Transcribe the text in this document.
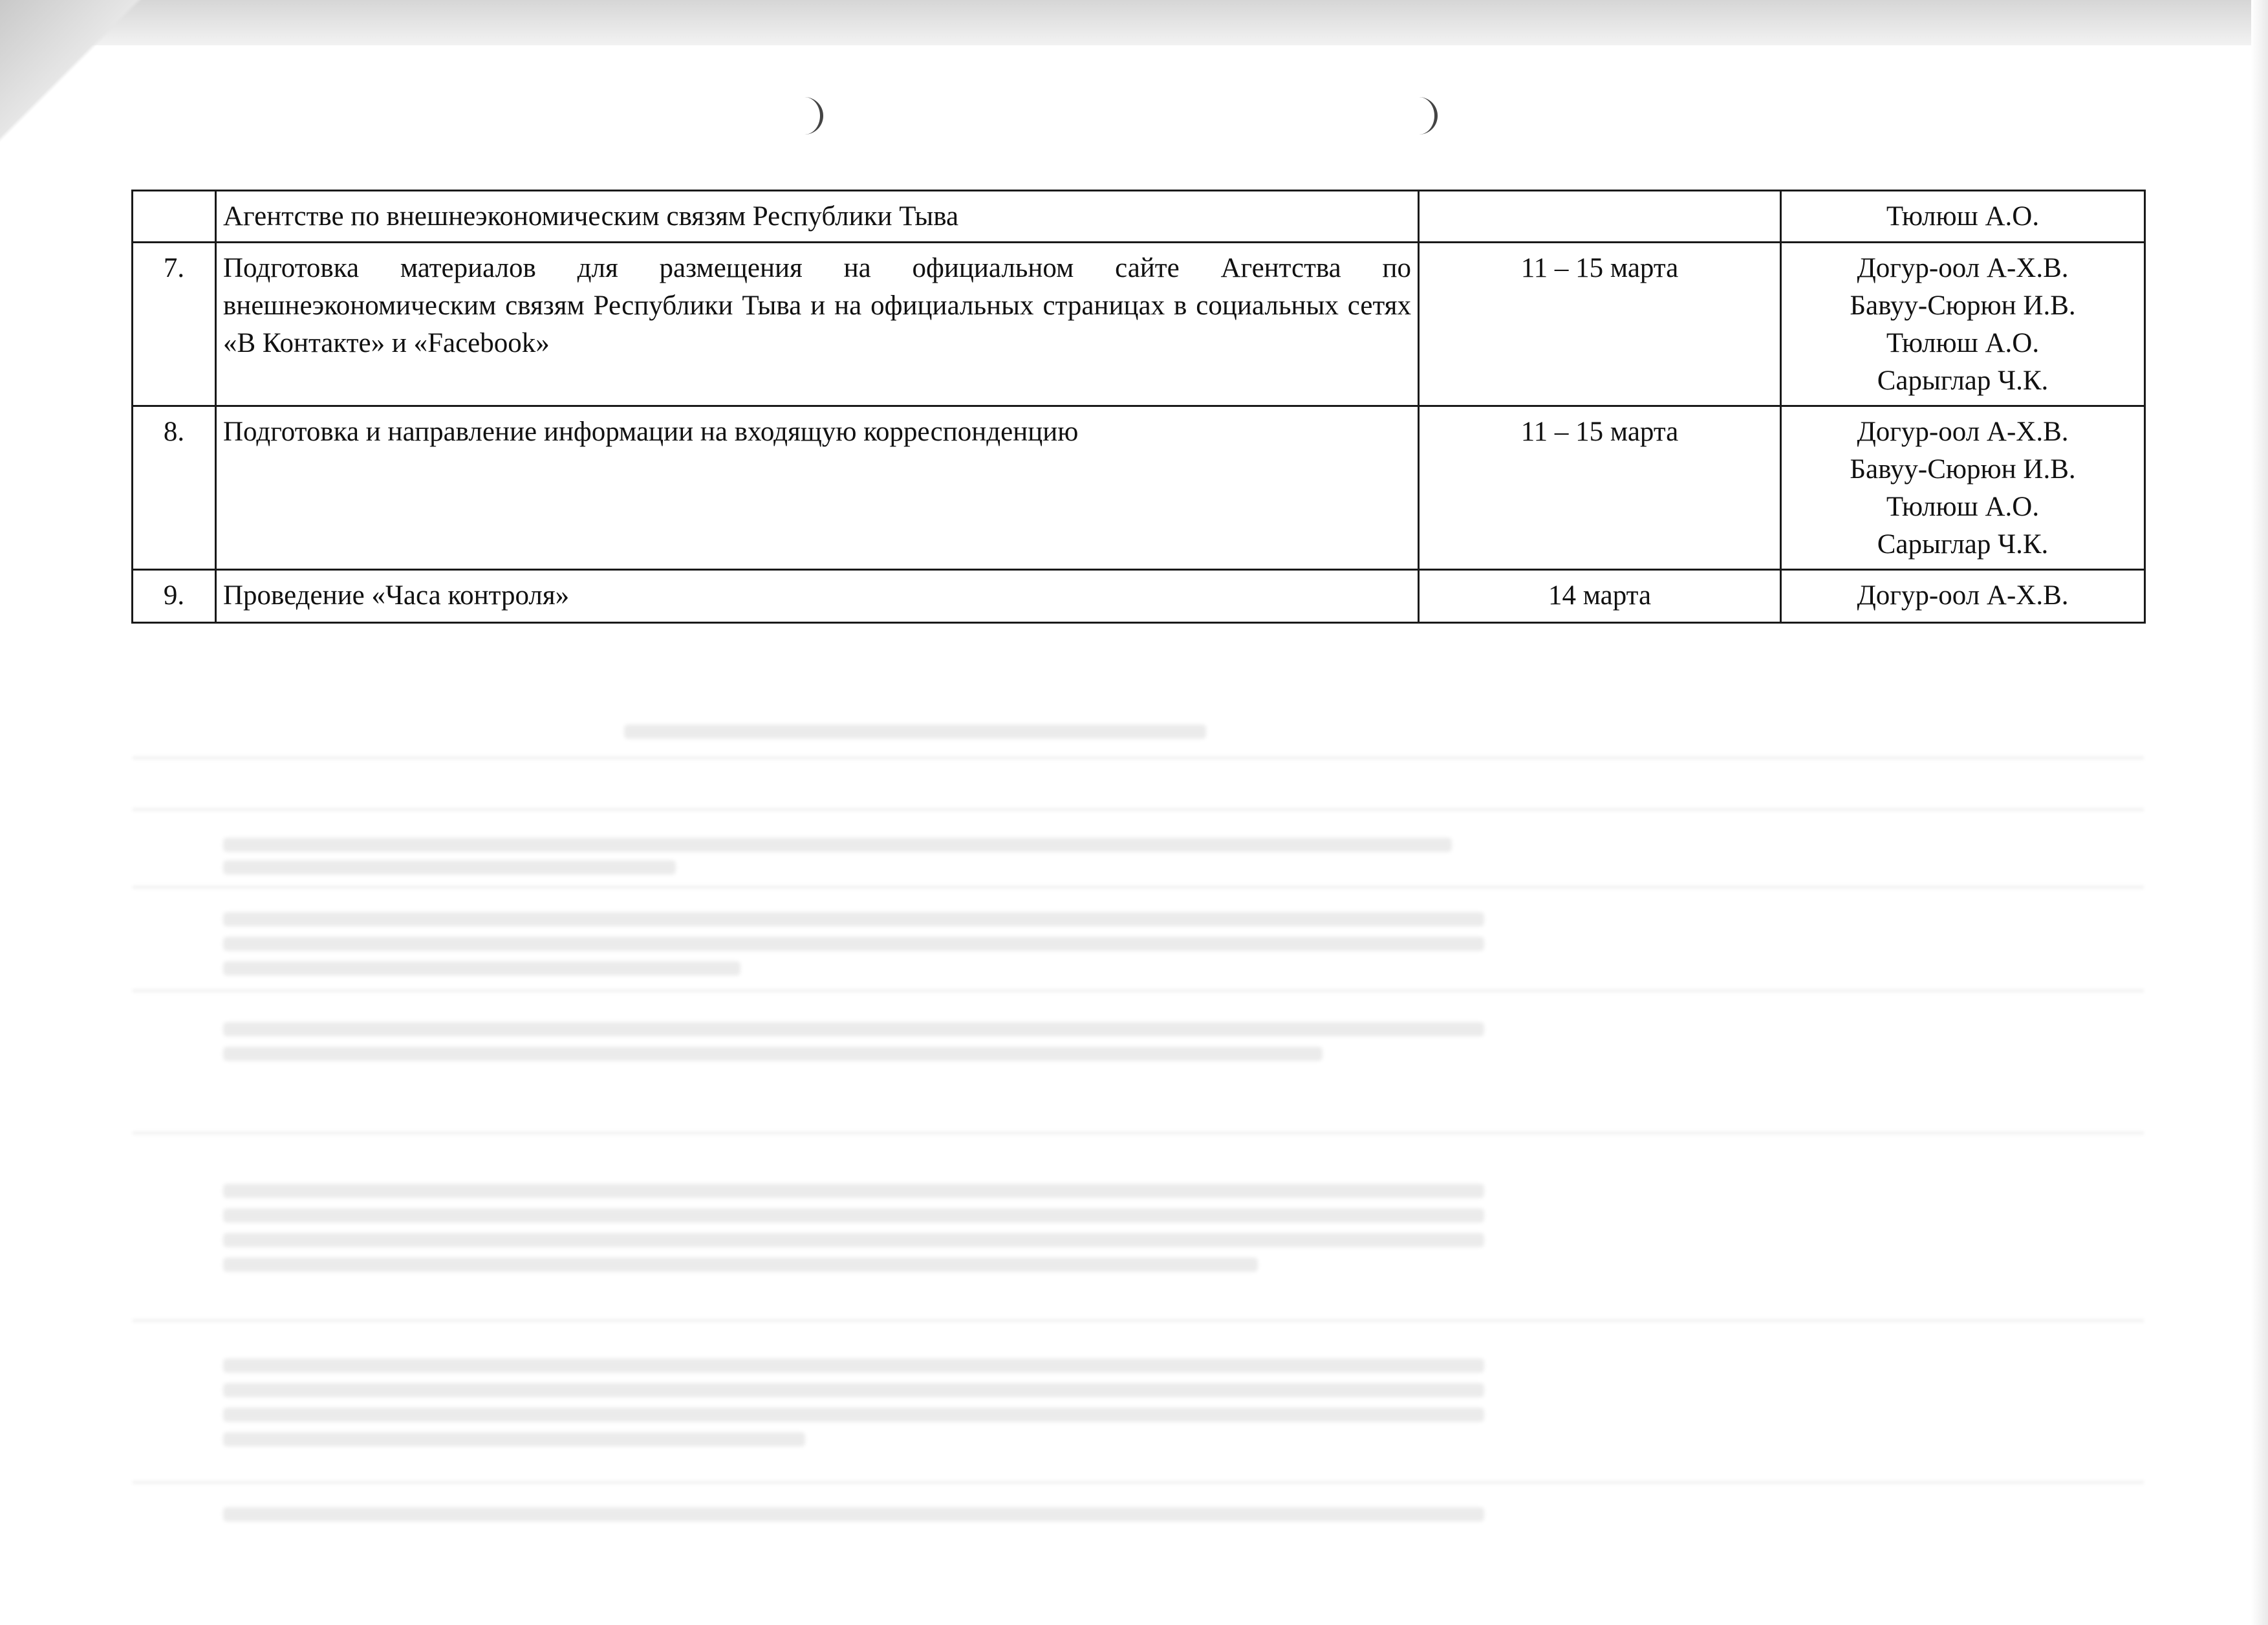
	Агентстве по внешнеэкономическим связям Республики Тыва		Тюлюш А.О.

7.	Подготовка материалов для размещения на официальном сайте Агентства по внешнеэкономическим связям Республики Тыва и на официальных страницах в социальных сетях «В Контакте» и «Facebook»	11 – 15 марта	Догур-оол А-Х.В.
Бавуу-Сюрюн И.В.
Тюлюш А.О.
Сарыглар Ч.К.

8.	Подготовка и направление информации на входящую корреспонденцию	11 – 15 марта	Догур-оол А-Х.В.
Бавуу-Сюрюн И.В.
Тюлюш А.О.
Сарыглар Ч.К.

9.	Проведение «Часа контроля»	14 марта	Догур-оол А-Х.В.
